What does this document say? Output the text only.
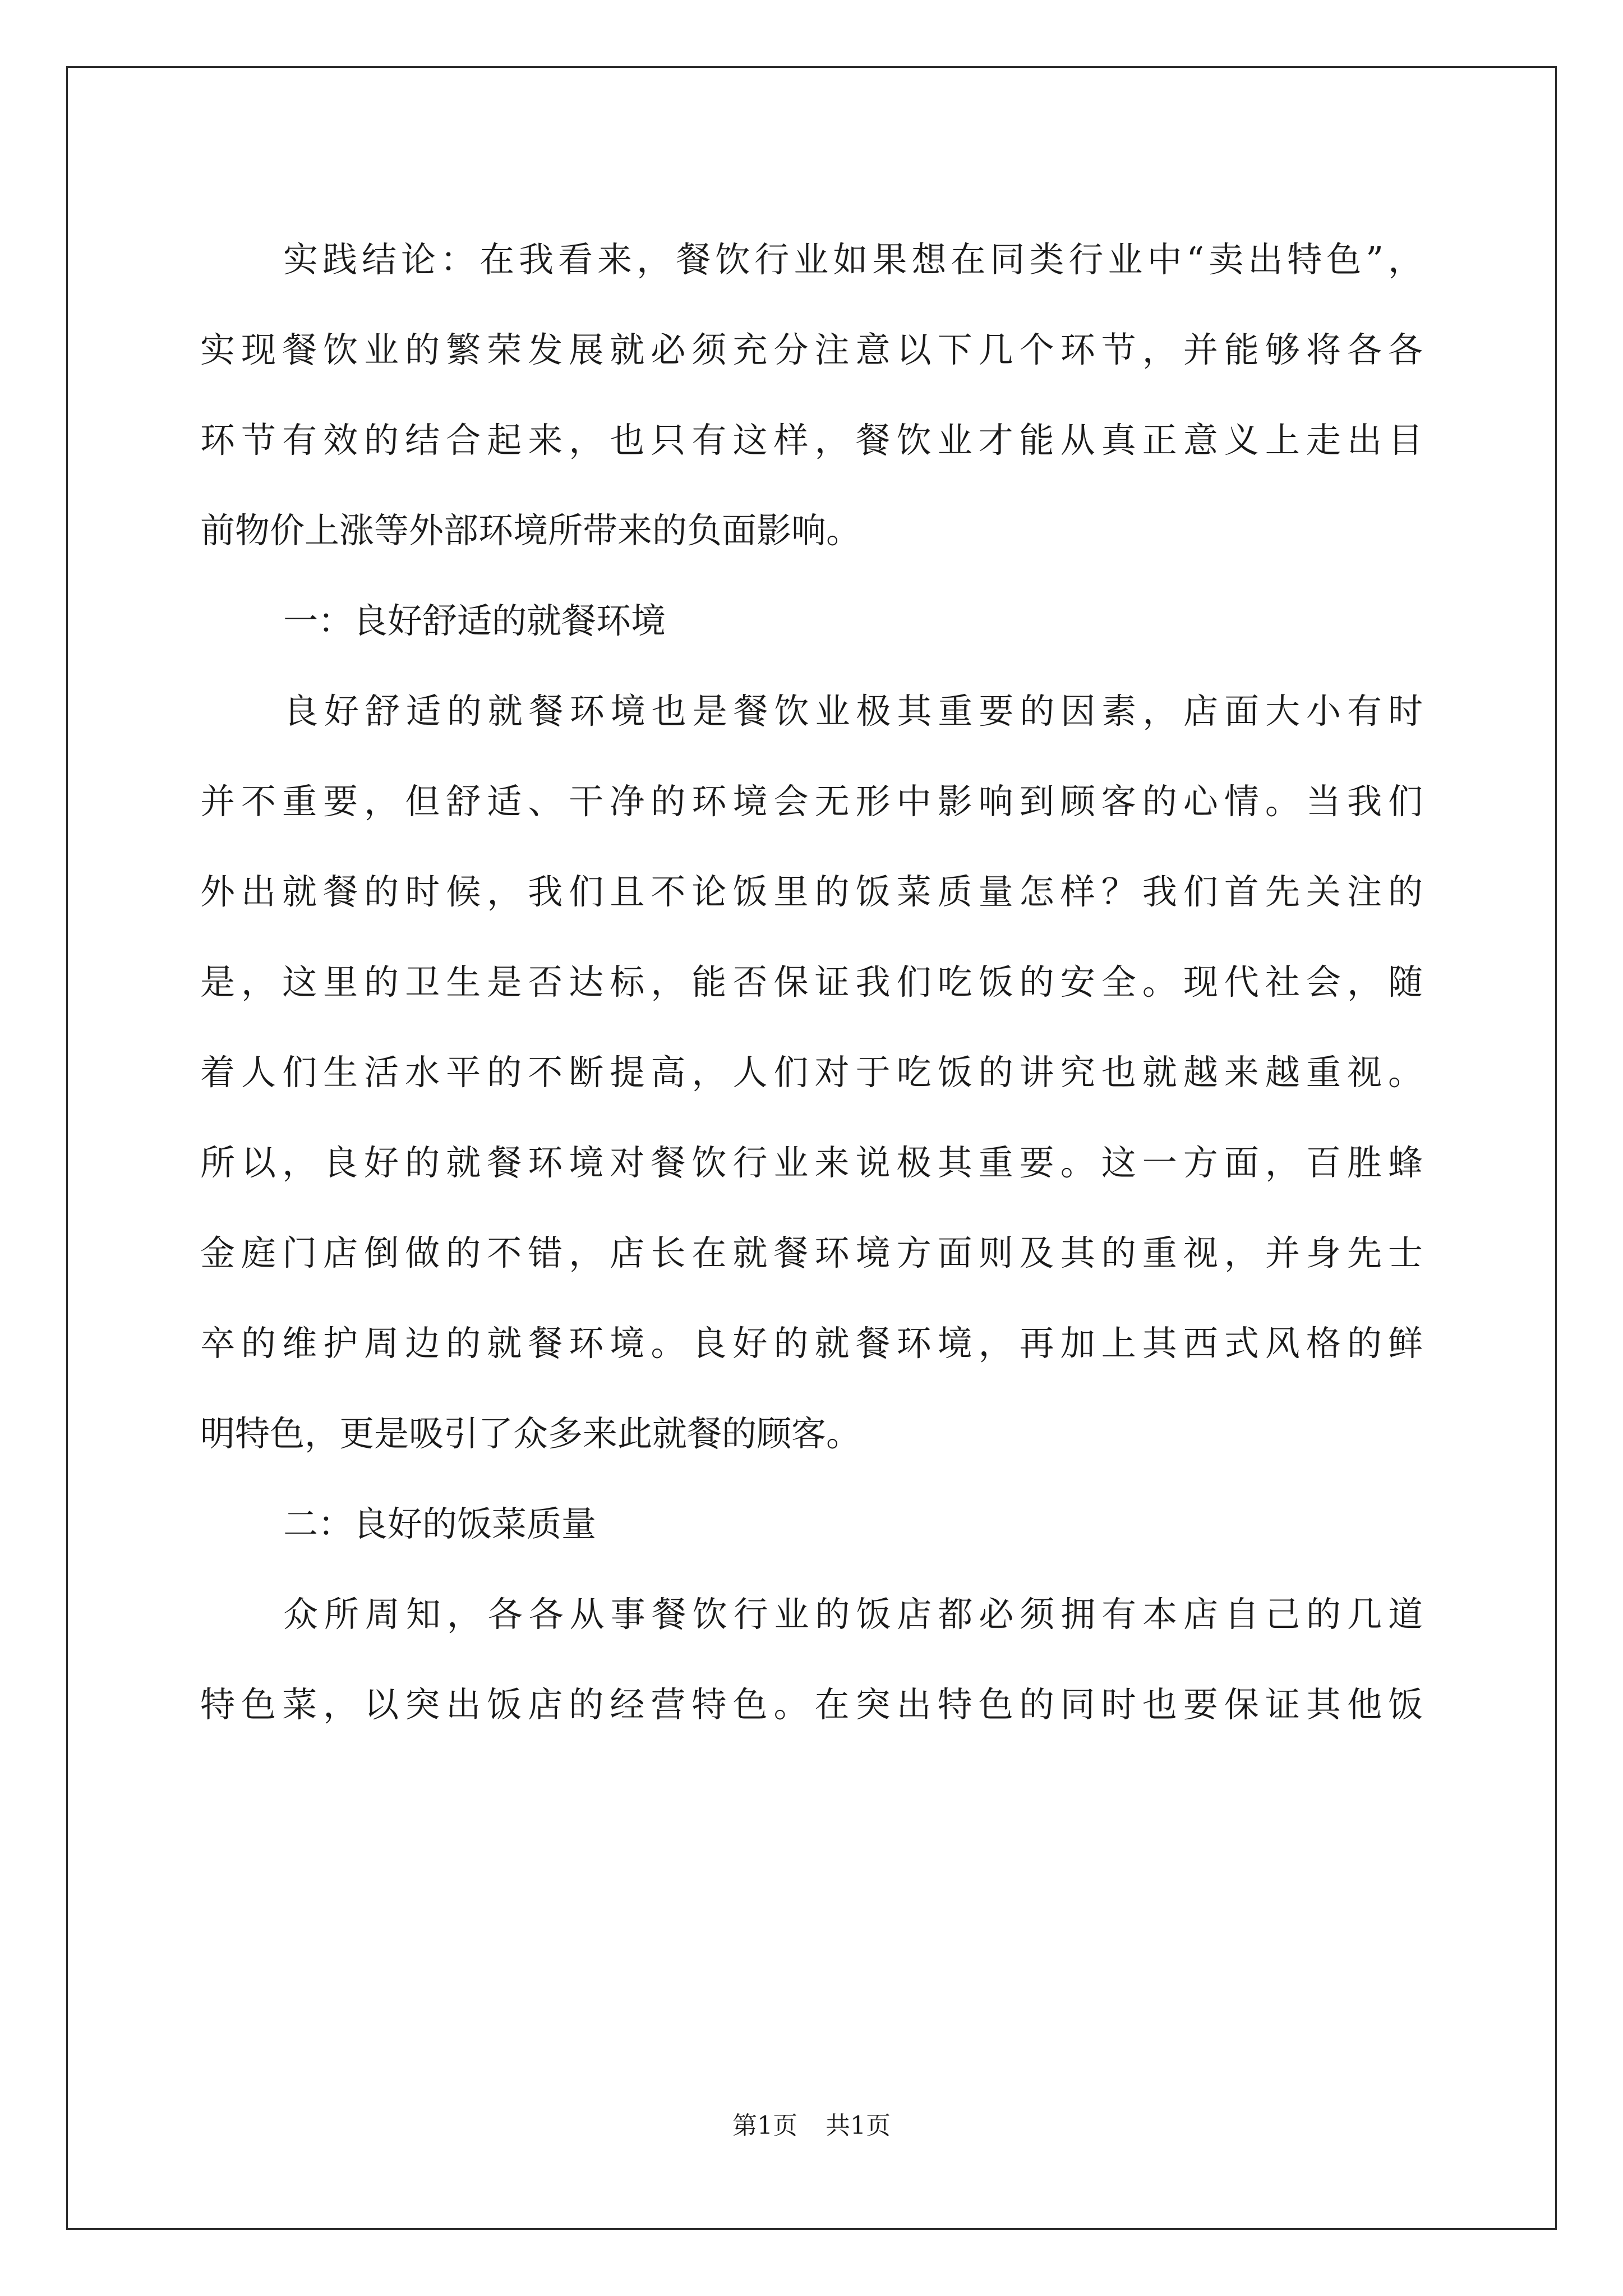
实践结论：在我看来，餐饮行业如果想在同类行业中“卖出特色”，
实现餐饮业的繁荣发展就必须充分注意以下几个环节，并能够将各各
环节有效的结合起来，也只有这样，餐饮业才能从真正意义上走出目
前物价上涨等外部环境所带来的负面影响。
一：良好舒适的就餐环境
良好舒适的就餐环境也是餐饮业极其重要的因素，店面大小有时
并不重要，但舒适、干净的环境会无形中影响到顾客的心情。当我们
外出就餐的时候，我们且不论饭里的饭菜质量怎样？我们首先关注的
是，这里的卫生是否达标，能否保证我们吃饭的安全。现代社会，随
着人们生活水平的不断提高，人们对于吃饭的讲究也就越来越重视。
所以，良好的就餐环境对餐饮行业来说极其重要。这一方面，百胜蜂
金庭门店倒做的不错，店长在就餐环境方面则及其的重视，并身先士
卒的维护周边的就餐环境。良好的就餐环境，再加上其西式风格的鲜
明特色，更是吸引了众多来此就餐的顾客。
二：良好的饭菜质量
众所周知，各各从事餐饮行业的饭店都必须拥有本店自己的几道
特色菜，以突出饭店的经营特色。在突出特色的同时也要保证其他饭
第1页 共1页
